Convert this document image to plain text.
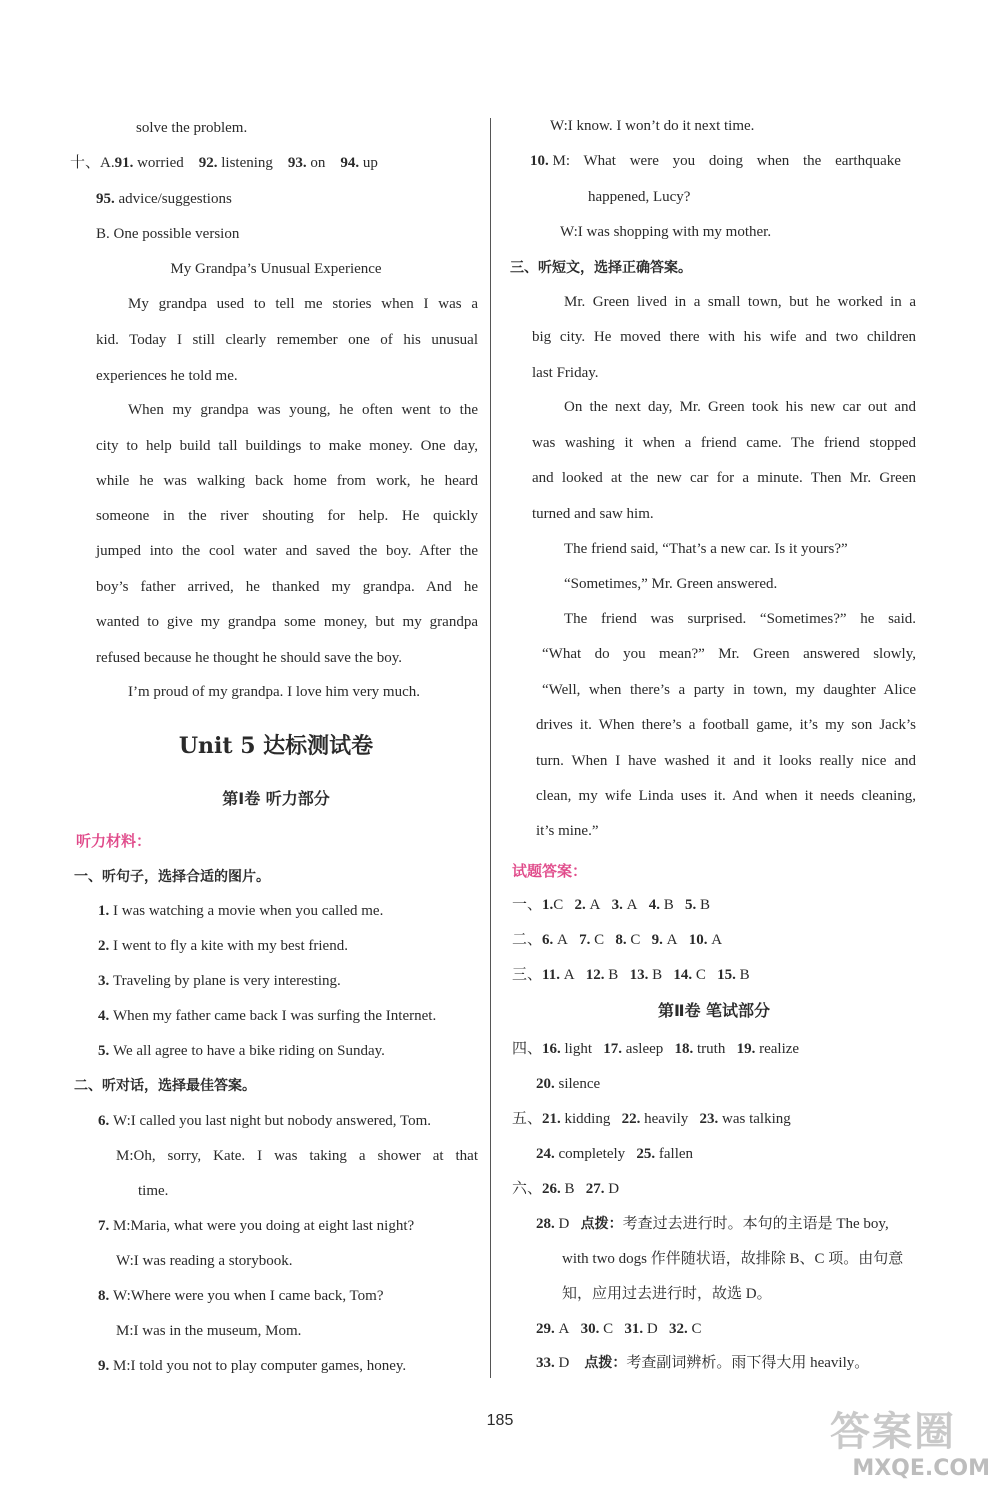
solve the problem.
十、A.91. worried 92. listening 93. on 94. up
95. advice/suggestions
B. One possible version
My Grandpa’s Unusual Experience
My grandpa used to tell me stories when I was a
kid. Today I still clearly remember one of his unusual
experiences he told me.
When my grandpa was young, he often went to the
city to help build tall buildings to make money. One day,
while he was walking back home from work, he heard
someone in the river shouting for help. He quickly
jumped into the cool water and saved the boy. After the
boy’s father arrived, he thanked my grandpa. And he
wanted to give my grandpa some money, but my grandpa
refused because he thought he should save the boy.
I’m proud of my grandpa. I love him very much.
Unit 5 达标测试卷
第Ⅰ卷 听力部分
听力材料：
一、听句子，选择合适的图片。
1. I was watching a movie when you called me.
2. I went to fly a kite with my best friend.
3. Traveling by plane is very interesting.
4. When my father came back I was surfing the Internet.
5. We all agree to have a bike riding on Sunday.
二、听对话，选择最佳答案。
6. W:I called you last night but nobody answered, Tom.
M:Oh, sorry, Kate. I was taking a shower at that
time.
7. M:Maria, what were you doing at eight last night?
W:I was reading a storybook.
8. W:Where were you when I came back, Tom?
M:I was in the museum, Mom.
9. M:I told you not to play computer games, honey.
W:I know. I won’t do it next time.
10. M: What were you doing when the earthquake
happened, Lucy?
W:I was shopping with my mother.
三、听短文，选择正确答案。
Mr. Green lived in a small town, but he worked in a
big city. He moved there with his wife and two children
last Friday.
On the next day, Mr. Green took his new car out and
was washing it when a friend came. The friend stopped
and looked at the new car for a minute. Then Mr. Green
turned and saw him.
The friend said, “That’s a new car. Is it yours?”
“Sometimes,” Mr. Green answered.
The friend was surprised. “Sometimes?” he said.
“What do you mean?” Mr. Green answered slowly,
“Well, when there’s a party in town, my daughter Alice
drives it. When there’s a football game, it’s my son Jack’s
turn. When I have washed it and it looks really nice and
clean, my wife Linda uses it. And when it needs cleaning,
it’s mine.”
试题答案：
一、1.C 2. A 3. A 4. B 5. B
二、6. A 7. C 8. C 9. A 10. A
三、11. A 12. B 13. B 14. C 15. B
第Ⅱ卷 笔试部分
四、16. light 17. asleep 18. truth 19. realize
20. silence
五、21. kidding 22. heavily 23. was talking
24. completely 25. fallen
六、26. B 27. D
28. D 点拨：考查过去进行时。本句的主语是 The boy,
with two dogs 作伴随状语，故排除 B、C 项。由句意
知，应用过去进行时，故选 D。
29. A 30. C 31. D 32. C
33. D 点拨：考查副词辨析。雨下得大用 heavily。
185	答案圈
MXQE.COM
